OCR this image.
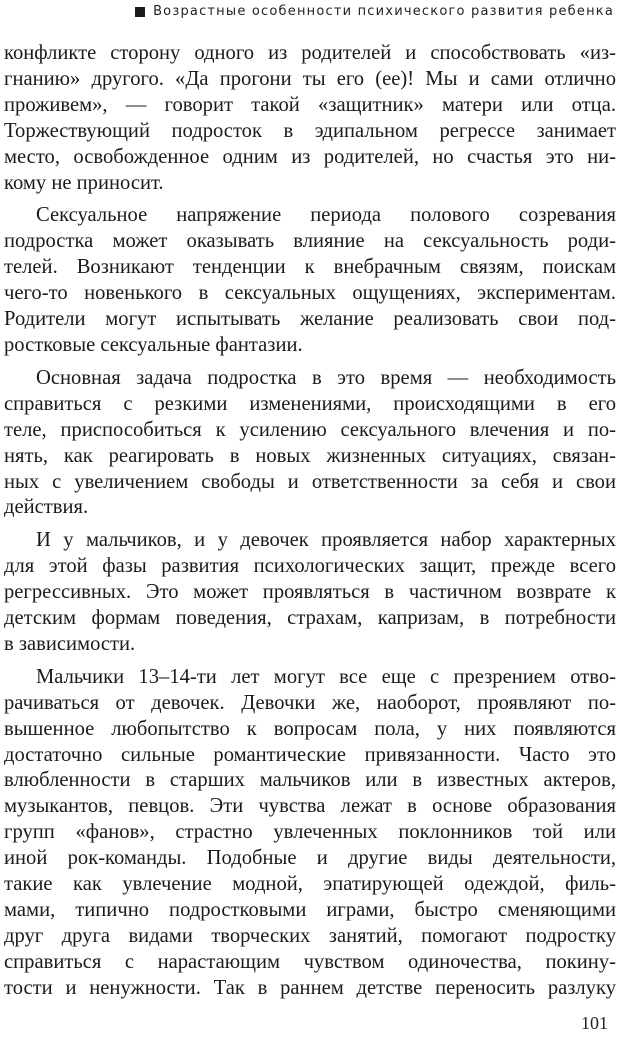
Возрастные особенности психического развития ребенка

конфликте сторону одного из родителей и способствовать «из-
гнанию» другого. «Да прогони ты его (ее)! Мы и сами отлично
проживем», — говорит такой «защитник» матери или отца.
Торжествующий подросток в эдипальном регрессе занимает
место, освобожденное одним из родителей, но счастья это ни-
кому не приносит.

Сексуальное напряжение периода полового созревания
подростка может оказывать влияние на сексуальность роди-
телей. Возникают тенденции к внебрачным связям, поискам
чего-то новенького в сексуальных ощущениях, экспериментам.
Родители могут испытывать желание реализовать свои под-
ростковые сексуальные фантазии.

Основная задача подростка в это время — необходимость
справиться с резкими изменениями, происходящими в его
теле, приспособиться к усилению сексуального влечения и по-
нять, как реагировать в новых жизненных ситуациях, связан-
ных с увеличением свободы и ответственности за себя и свои
действия.

И у мальчиков, и у девочек проявляется набор характерных
для этой фазы развития психологических защит, прежде всего
регрессивных. Это может проявляться в частичном возврате к
детским формам поведения, страхам, капризам, в потребности
в зависимости.

Мальчики 13–14-ти лет могут все еще с презрением отво-
рачиваться от девочек. Девочки же, наоборот, проявляют по-
вышенное любопытство к вопросам пола, у них появляются
достаточно сильные романтические привязанности. Часто это
влюбленности в старших мальчиков или в известных актеров,
музыкантов, певцов. Эти чувства лежат в основе образования
групп «фанов», страстно увлеченных поклонников той или
иной рок-команды. Подобные и другие виды деятельности,
такие как увлечение модной, эпатирующей одеждой, филь-
мами, типично подростковыми играми, быстро сменяющими
друг друга видами творческих занятий, помогают подростку
справиться с нарастающим чувством одиночества, покину-
тости и ненужности. Так в раннем детстве переносить разлуку

101
